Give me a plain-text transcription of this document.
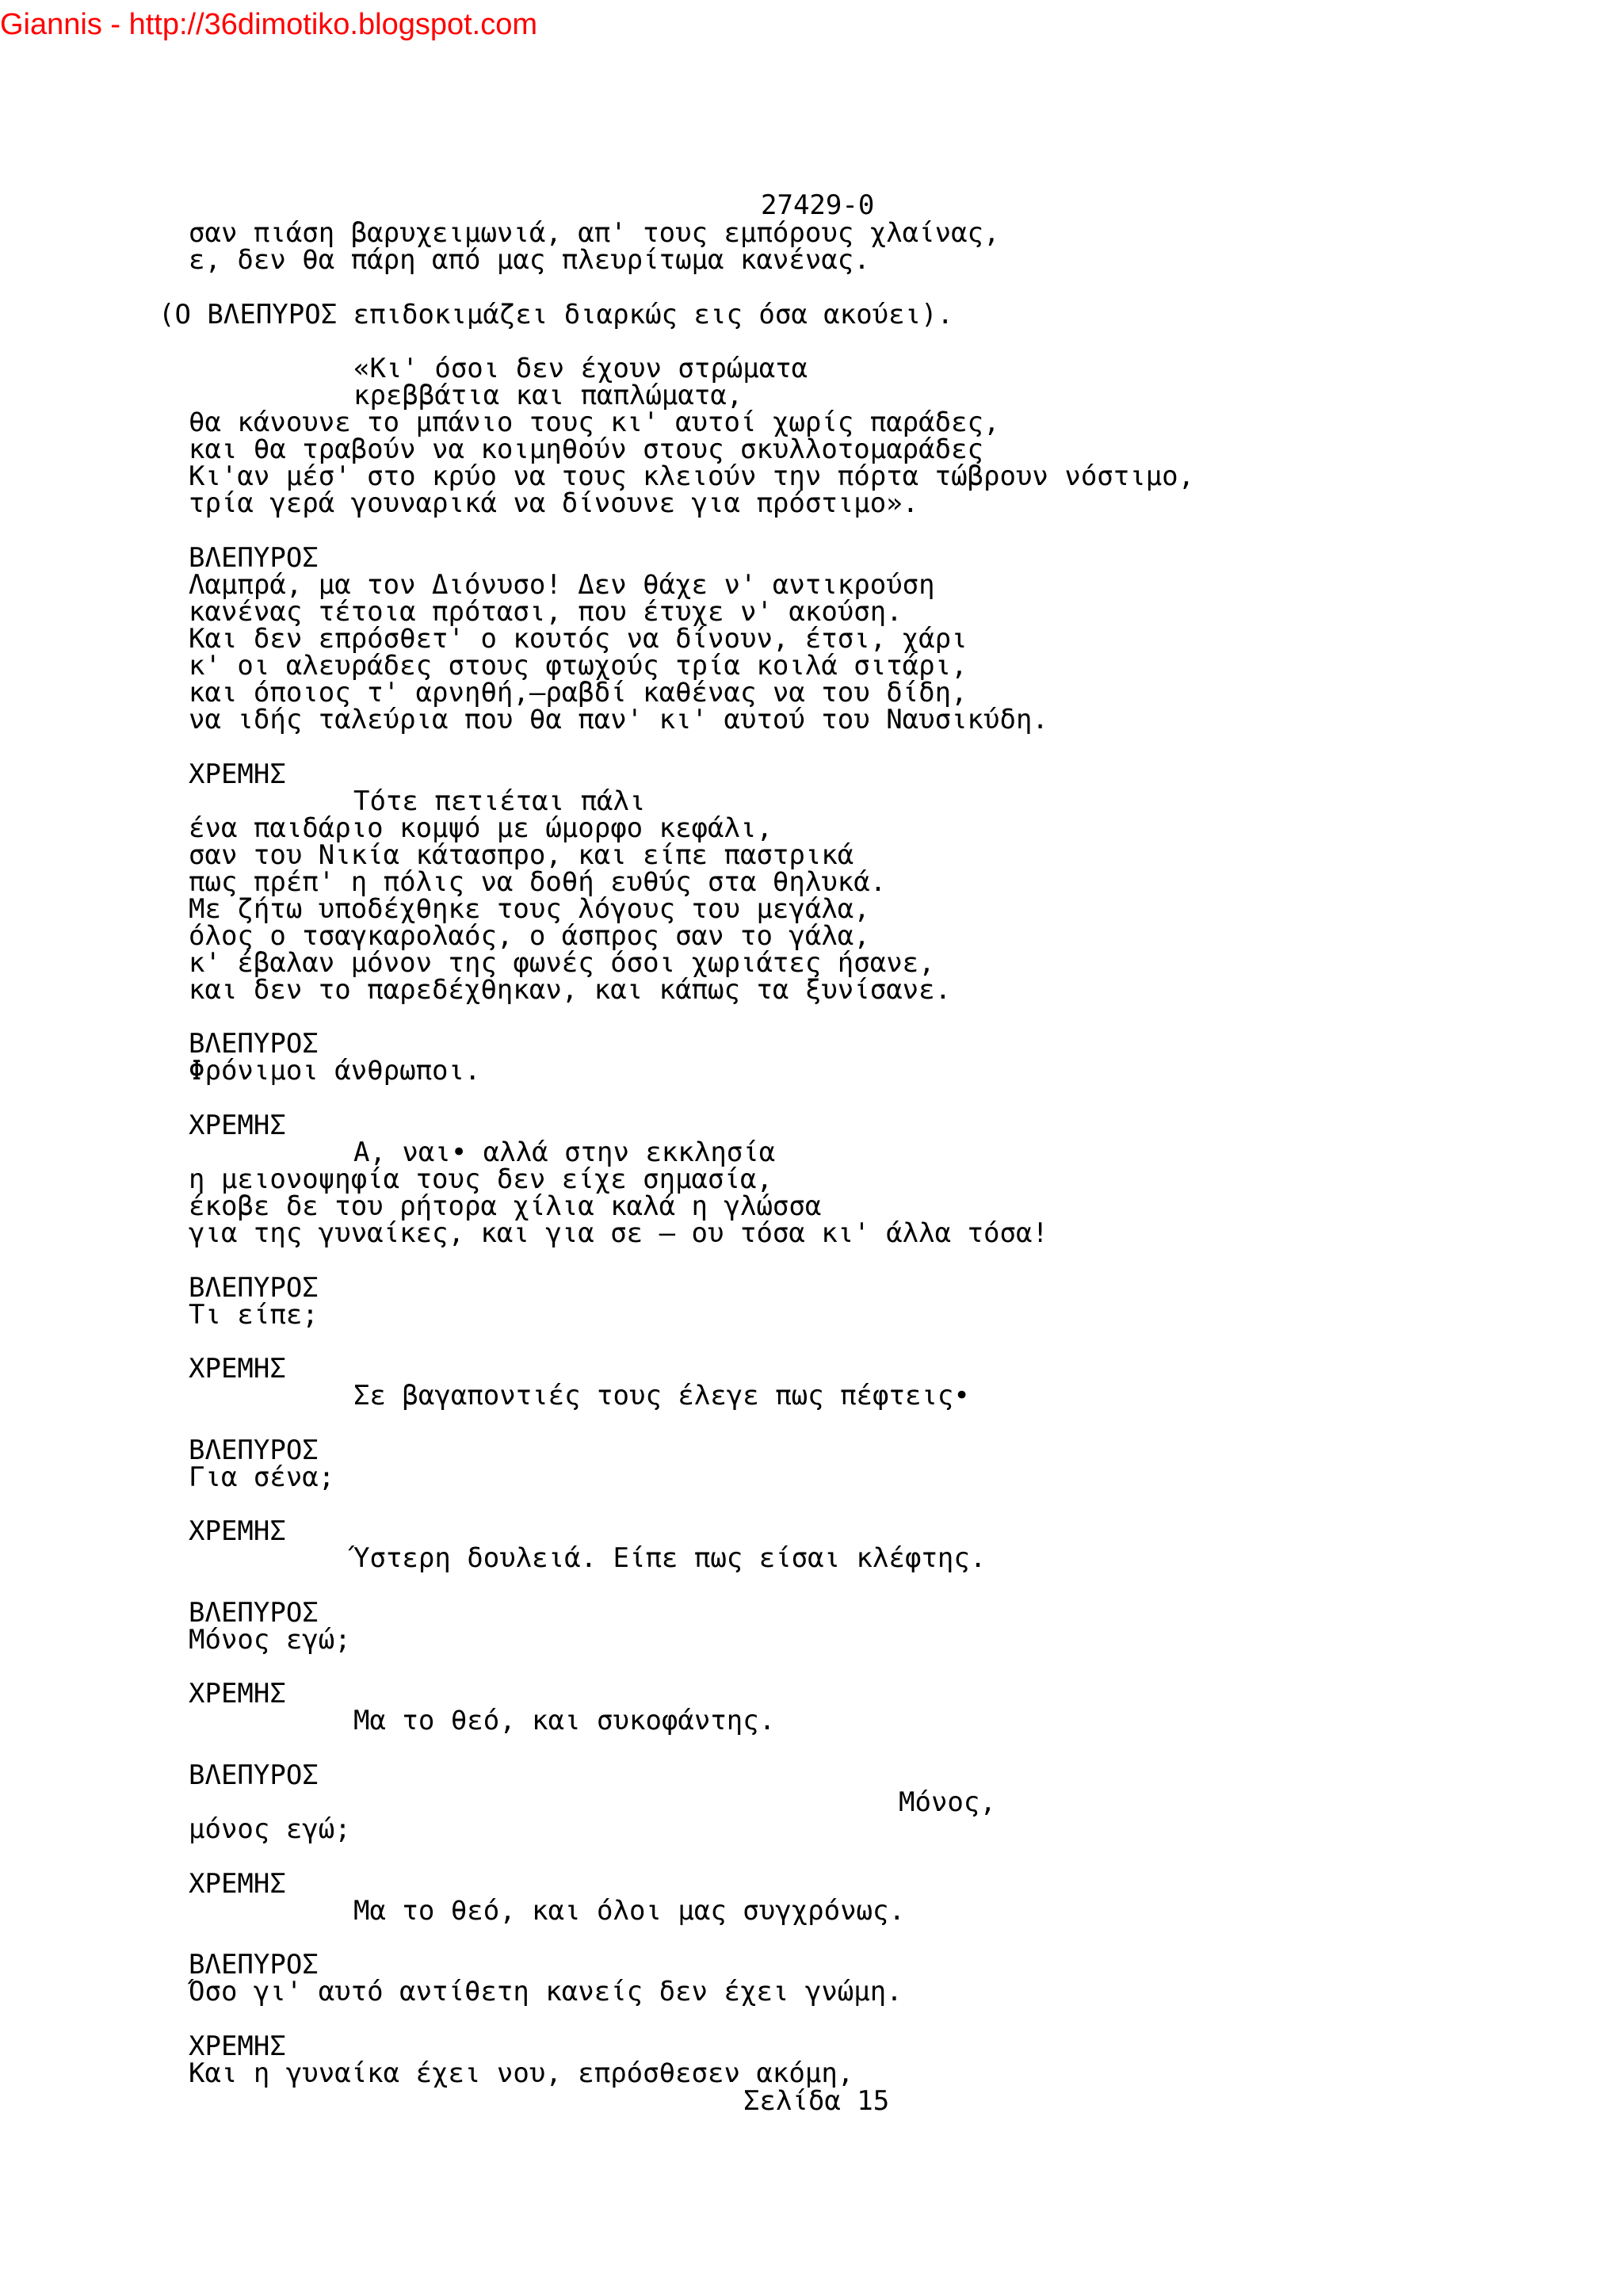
Giannis - http://36dimotiko.blogspot.com
27429-0
σαν πιάση βαρυχειμωνιά, απ' τους εμπόρους χλαίνας,
ε, δεν θα πάρη από μας πλευρίτωμα κανένας.
(Ο ΒΛΕΠΥΡΟΣ επιδοκιμάζει διαρκώς εις όσα ακούει).
«Κι' όσοι δεν έχουν στρώματα
κρεββάτια και παπλώματα,
θα κάνουνε το μπάνιο τους κι' αυτοί χωρίς παράδες,
και θα τραβούν να κοιμηθούν στους σκυλλοτομαράδες
Κι'αν μέσ' στο κρύο να τους κλειούν την πόρτα τώβρουν νόστιμο,
τρία γερά γουναρικά να δίνουνε για πρόστιμο».
ΒΛΕΠΥΡΟΣ
Λαμπρά, μα τον Διόνυσο! Δεν θάχε ν' αντικρούση
κανένας τέτοια πρότασι, που έτυχε ν' ακούση.
Και δεν επρόσθετ' ο κουτός να δίνουν, έτσι, χάρι
κ' οι αλευράδες στους φτωχούς τρία κοιλά σιτάρι,
και όποιος τ' αρνηθή,—ραβδί καθένας να του δίδη,
να ιδής ταλεύρια που θα παν' κι' αυτού του Ναυσικύδη.
ΧΡΕΜΗΣ
Τότε πετιέται πάλι
ένα παιδάριο κομψό με ώμορφο κεφάλι,
σαν του Νικία κάτασπρο, και είπε παστρικά
πως πρέπ' η πόλις να δοθή ευθύς στα θηλυκά.
Με ζήτω υποδέχθηκε τους λόγους του μεγάλα,
όλος ο τσαγκαρολαός, ο άσπρος σαν το γάλα,
κ' έβαλαν μόνον της φωνές όσοι χωριάτες ήσανε,
και δεν το παρεδέχθηκαν, και κάπως τα ξυνίσανε.
ΒΛΕΠΥΡΟΣ
Φρόνιμοι άνθρωποι.
ΧΡΕΜΗΣ
Α, ναι• αλλά στην εκκλησία
η μειονοψηφία τους δεν είχε σημασία,
έκοβε δε του ρήτορα χίλια καλά η γλώσσα
για της γυναίκες, και για σε — ου τόσα κι' άλλα τόσα!
ΒΛΕΠΥΡΟΣ
Τι είπε;
ΧΡΕΜΗΣ
Σε βαγαποντιές τους έλεγε πως πέφτεις•
ΒΛΕΠΥΡΟΣ
Για σένα;
ΧΡΕΜΗΣ
Ύστερη δουλειά. Είπε πως είσαι κλέφτης.
ΒΛΕΠΥΡΟΣ
Μόνος εγώ;
ΧΡΕΜΗΣ
Μα το θεό, και συκοφάντης.
ΒΛΕΠΥΡΟΣ
Μόνος,
μόνος εγώ;
ΧΡΕΜΗΣ
Μα το θεό, και όλοι μας συγχρόνως.
ΒΛΕΠΥΡΟΣ
Όσο γι' αυτό αντίθετη κανείς δεν έχει γνώμη.
ΧΡΕΜΗΣ
Και η γυναίκα έχει νου, επρόσθεσεν ακόμη,
Σελίδα 15
